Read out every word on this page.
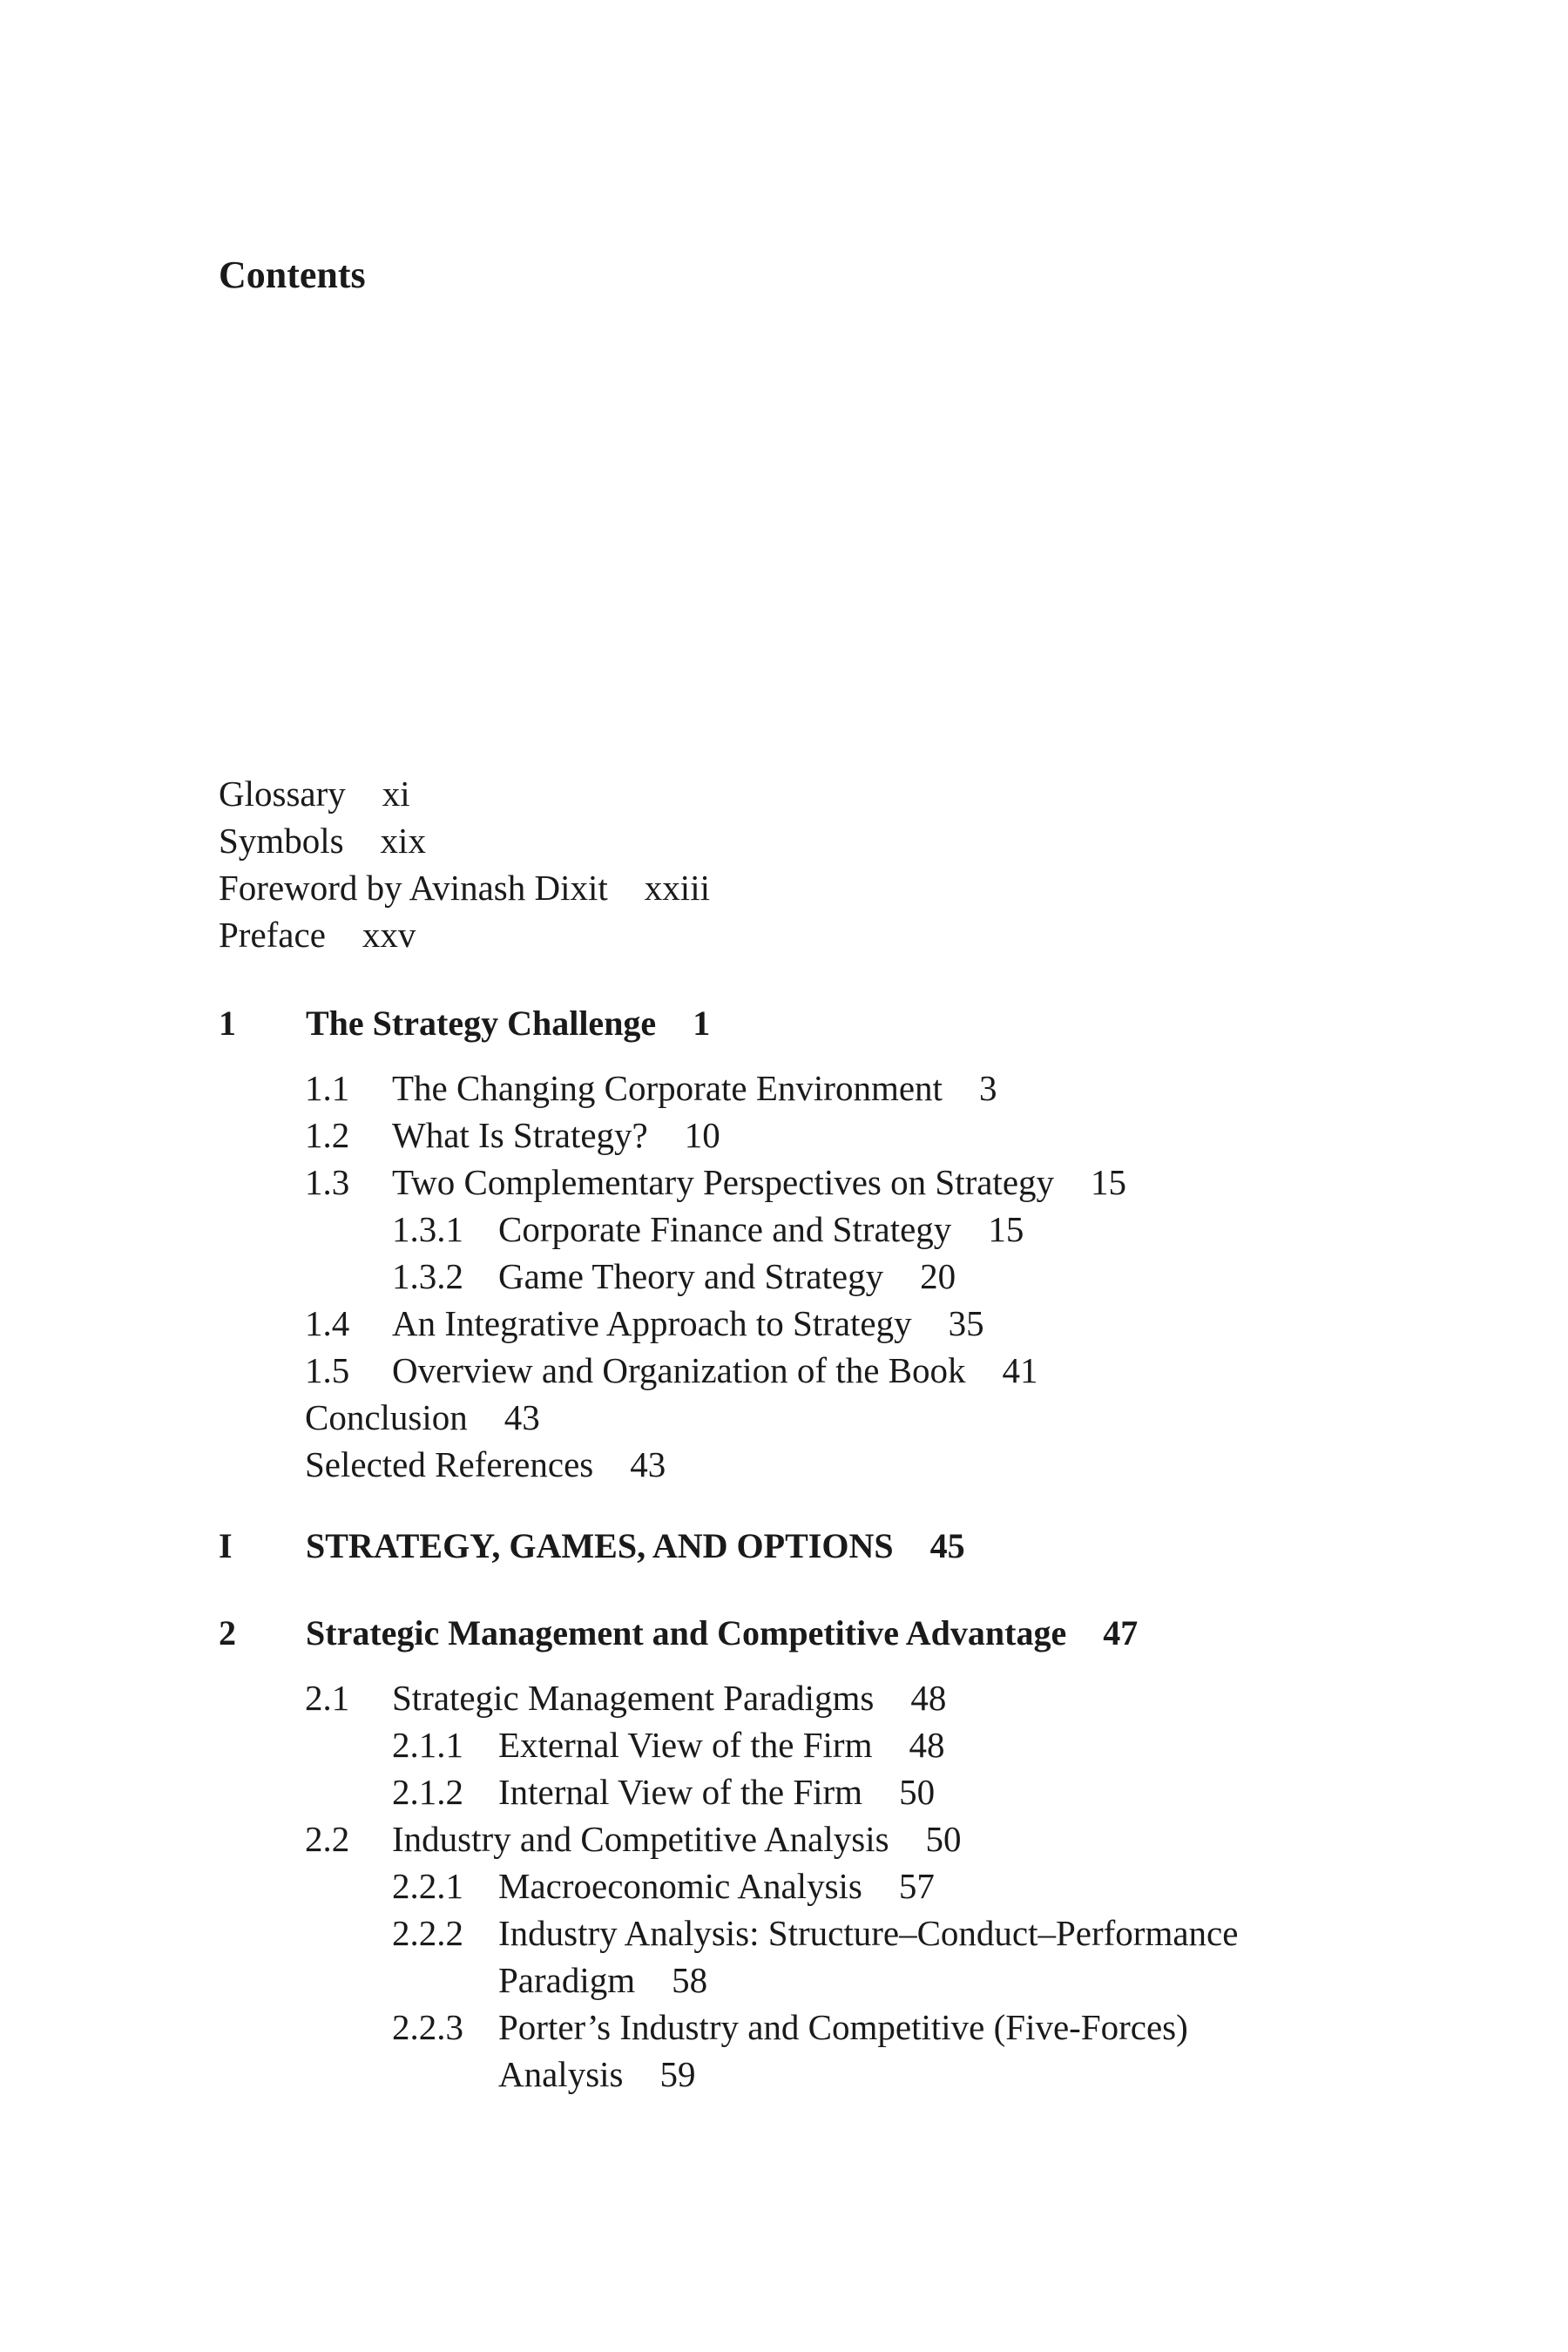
Contents
Glossary xi
Symbols xix
Foreword by Avinash Dixit xxiii
Preface xxv
1 The Strategy Challenge 1
1.1 The Changing Corporate Environment 3
1.2 What Is Strategy? 10
1.3 Two Complementary Perspectives on Strategy 15
1.3.1 Corporate Finance and Strategy 15
1.3.2 Game Theory and Strategy 20
1.4 An Integrative Approach to Strategy 35
1.5 Overview and Organization of the Book 41
Conclusion 43
Selected References 43
I STRATEGY, GAMES, AND OPTIONS 45
2 Strategic Management and Competitive Advantage 47
2.1 Strategic Management Paradigms 48
2.1.1 External View of the Firm 48
2.1.2 Internal View of the Firm 50
2.2 Industry and Competitive Analysis 50
2.2.1 Macroeconomic Analysis 57
2.2.2 Industry Analysis: Structure–Conduct–Performance
Paradigm 58
2.2.3 Porter’s Industry and Competitive (Five-Forces)
Analysis 59
